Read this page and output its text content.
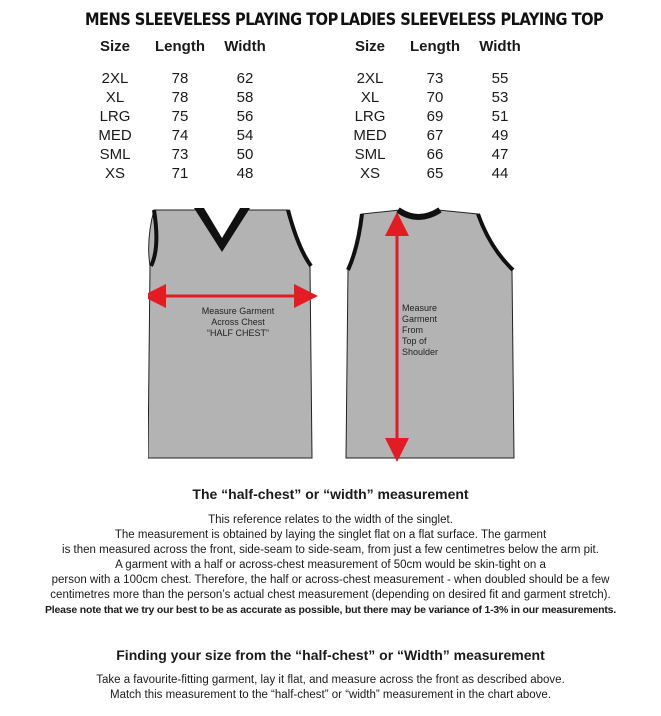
MENS SLEEVELESS PLAYING TOP
Size	Length	Width
2XL	78	62
XL	78	58
LRG	75	56
MED	74	54
SML	73	50
XS	71	48
LADIES SLEEVELESS PLAYING TOP
Size	Length	Width
2XL	73	55
XL	70	53
LRG	69	51
MED	67	49
SML	66	47
XS	65	44
Measure Garment
Across Chest
“HALF CHEST”
Measure
Garment
From
Top of
Shoulder

The “half-chest” or “width” measurement

This reference relates to the width of the singlet.

The measurement is obtained by laying the singlet flat on a flat surface. The garment

is then measured across the front, side-seam to side-seam, from just a few centimetres below the arm pit.

A garment with a half or across-chest measurement of 50cm would be skin-tight on a

person with a 100cm chest. Therefore, the half or across-chest measurement - when doubled should be a few

centimetres more than the person’s actual chest measurement (depending on desired fit and garment stretch).

Please note that we try our best to be as accurate as possible, but there may be variance of 1-3% in our measurements.

Finding your size from the “half-chest” or “Width” measurement

Take a favourite-fitting garment, lay it flat, and measure across the front as described above.

Match this measurement to the “half-chest” or “width” measurement in the chart above.
